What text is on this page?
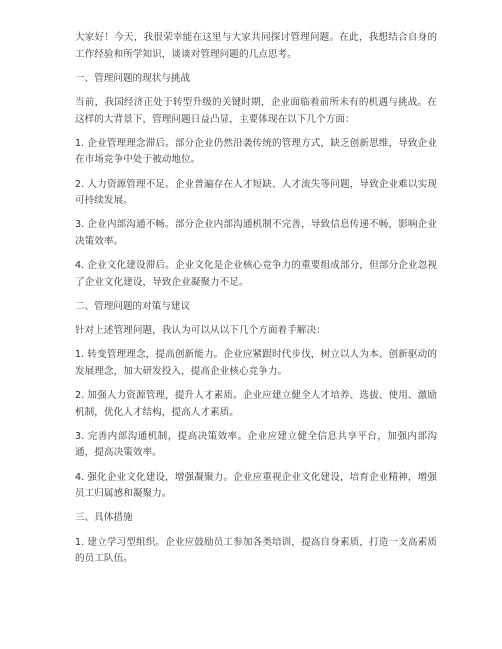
大家好！今天，我很荣幸能在这里与大家共同探讨管理问题。在此，我想结合自身的工作经验和所学知识，谈谈对管理问题的几点思考。

一、管理问题的现状与挑战

当前，我国经济正处于转型升级的关键时期，企业面临着前所未有的机遇与挑战。在这样的大背景下，管理问题日益凸显，主要体现在以下几个方面：

1. 企业管理理念滞后。部分企业仍然沿袭传统的管理方式，缺乏创新思维，导致企业在市场竞争中处于被动地位。

2. 人力资源管理不足。企业普遍存在人才短缺、人才流失等问题，导致企业难以实现可持续发展。

3. 企业内部沟通不畅。部分企业内部沟通机制不完善，导致信息传递不畅，影响企业决策效率。

4. 企业文化建设滞后。企业文化是企业核心竞争力的重要组成部分，但部分企业忽视了企业文化建设，导致企业凝聚力不足。

二、管理问题的对策与建议

针对上述管理问题，我认为可以从以下几个方面着手解决：

1. 转变管理理念，提高创新能力。企业应紧跟时代步伐，树立以人为本、创新驱动的发展理念，加大研发投入，提高企业核心竞争力。

2. 加强人力资源管理，提升人才素质。企业应建立健全人才培养、选拔、使用、激励机制，优化人才结构，提高人才素质。

3. 完善内部沟通机制，提高决策效率。企业应建立健全信息共享平台，加强内部沟通，提高决策效率。

4. 强化企业文化建设，增强凝聚力。企业应重视企业文化建设，培育企业精神，增强员工归属感和凝聚力。

三、具体措施

1. 建立学习型组织。企业应鼓励员工参加各类培训，提高自身素质，打造一支高素质的员工队伍。
